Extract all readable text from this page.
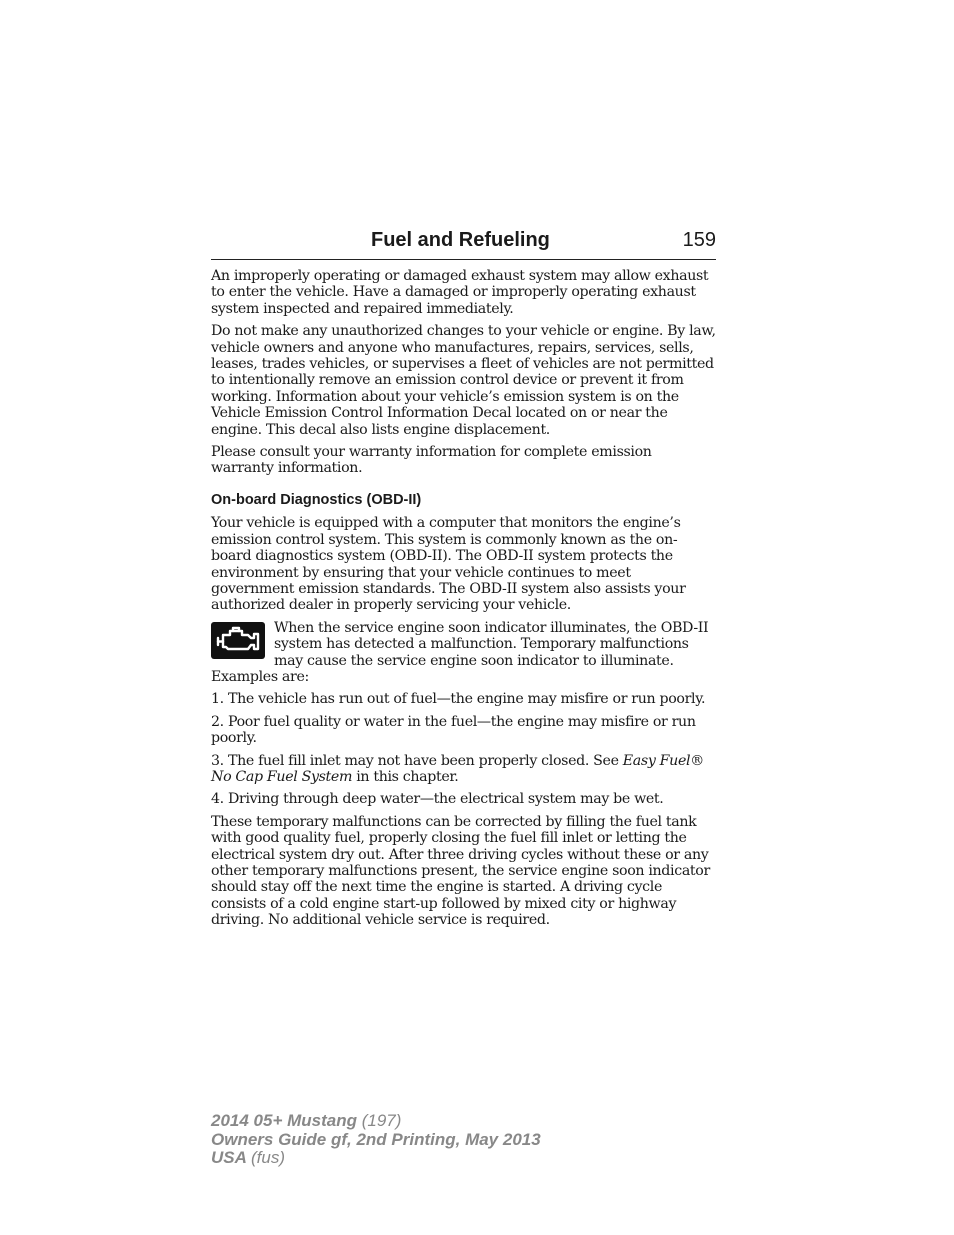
Fuel and Refueling	159

An improperly operating or damaged exhaust system may allow exhaust to enter the vehicle. Have a damaged or improperly operating exhaust system inspected and repaired immediately.

Do not make any unauthorized changes to your vehicle or engine. By law, vehicle owners and anyone who manufactures, repairs, services, sells, leases, trades vehicles, or supervises a fleet of vehicles are not permitted to intentionally remove an emission control device or prevent it from working. Information about your vehicle’s emission system is on the Vehicle Emission Control Information Decal located on or near the engine. This decal also lists engine displacement.

Please consult your warranty information for complete emission warranty information.

On-board Diagnostics (OBD-II)

Your vehicle is equipped with a computer that monitors the engine’s emission control system. This system is commonly known as the on-board diagnostics system (OBD-II). The OBD-II system protects the environment by ensuring that your vehicle continues to meet government emission standards. The OBD-II system also assists your authorized dealer in properly servicing your vehicle.

When the service engine soon indicator illuminates, the OBD-II system has detected a malfunction. Temporary malfunctions may cause the service engine soon indicator to illuminate.

Examples are:

1. The vehicle has run out of fuel—the engine may misfire or run poorly.

2. Poor fuel quality or water in the fuel—the engine may misfire or run poorly.

3. The fuel fill inlet may not have been properly closed. See Easy Fuel® No Cap Fuel System in this chapter.

4. Driving through deep water—the electrical system may be wet.

These temporary malfunctions can be corrected by filling the fuel tank with good quality fuel, properly closing the fuel fill inlet or letting the electrical system dry out. After three driving cycles without these or any other temporary malfunctions present, the service engine soon indicator should stay off the next time the engine is started. A driving cycle consists of a cold engine start-up followed by mixed city or highway driving. No additional vehicle service is required.

2014 05+ Mustang (197)
Owners Guide gf, 2nd Printing, May 2013
USA (fus)
